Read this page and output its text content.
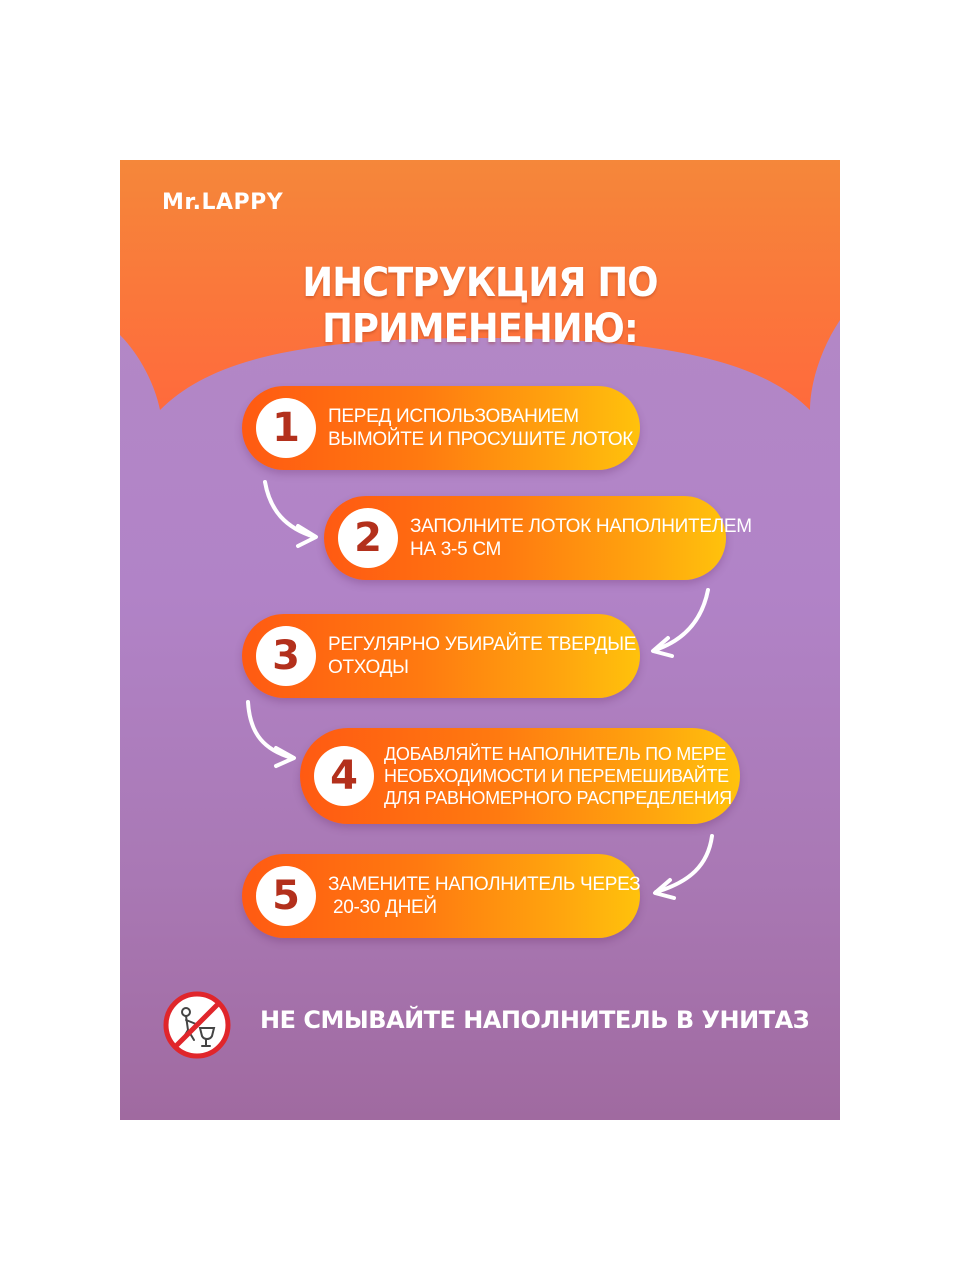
Mr.LAPPY
ИНСТРУКЦИЯ ПО ПРИМЕНЕНИЮ:
1 ПЕРЕД ИСПОЛЬЗОВАНИЕМ
ВЫМОЙТЕ И ПРОСУШИТЕ ЛОТОК
2 ЗАПОЛНИТЕ ЛОТОК НАПОЛНИТЕЛЕМ
НА 3-5 СМ
3 РЕГУЛЯРНО УБИРАЙТЕ ТВЕРДЫЕ
ОТХОДЫ
4 ДОБАВЛЯЙТЕ НАПОЛНИТЕЛЬ ПО МЕРЕ
НЕОБХОДИМОСТИ И ПЕРЕМЕШИВАЙТЕ
ДЛЯ РАВНОМЕРНОГО РАСПРЕДЕЛЕНИЯ
5 ЗАМЕНИТЕ НАПОЛНИТЕЛЬ ЧЕРЕЗ
20-30 ДНЕЙ
НЕ СМЫВАЙТЕ НАПОЛНИТЕЛЬ В УНИТАЗ
